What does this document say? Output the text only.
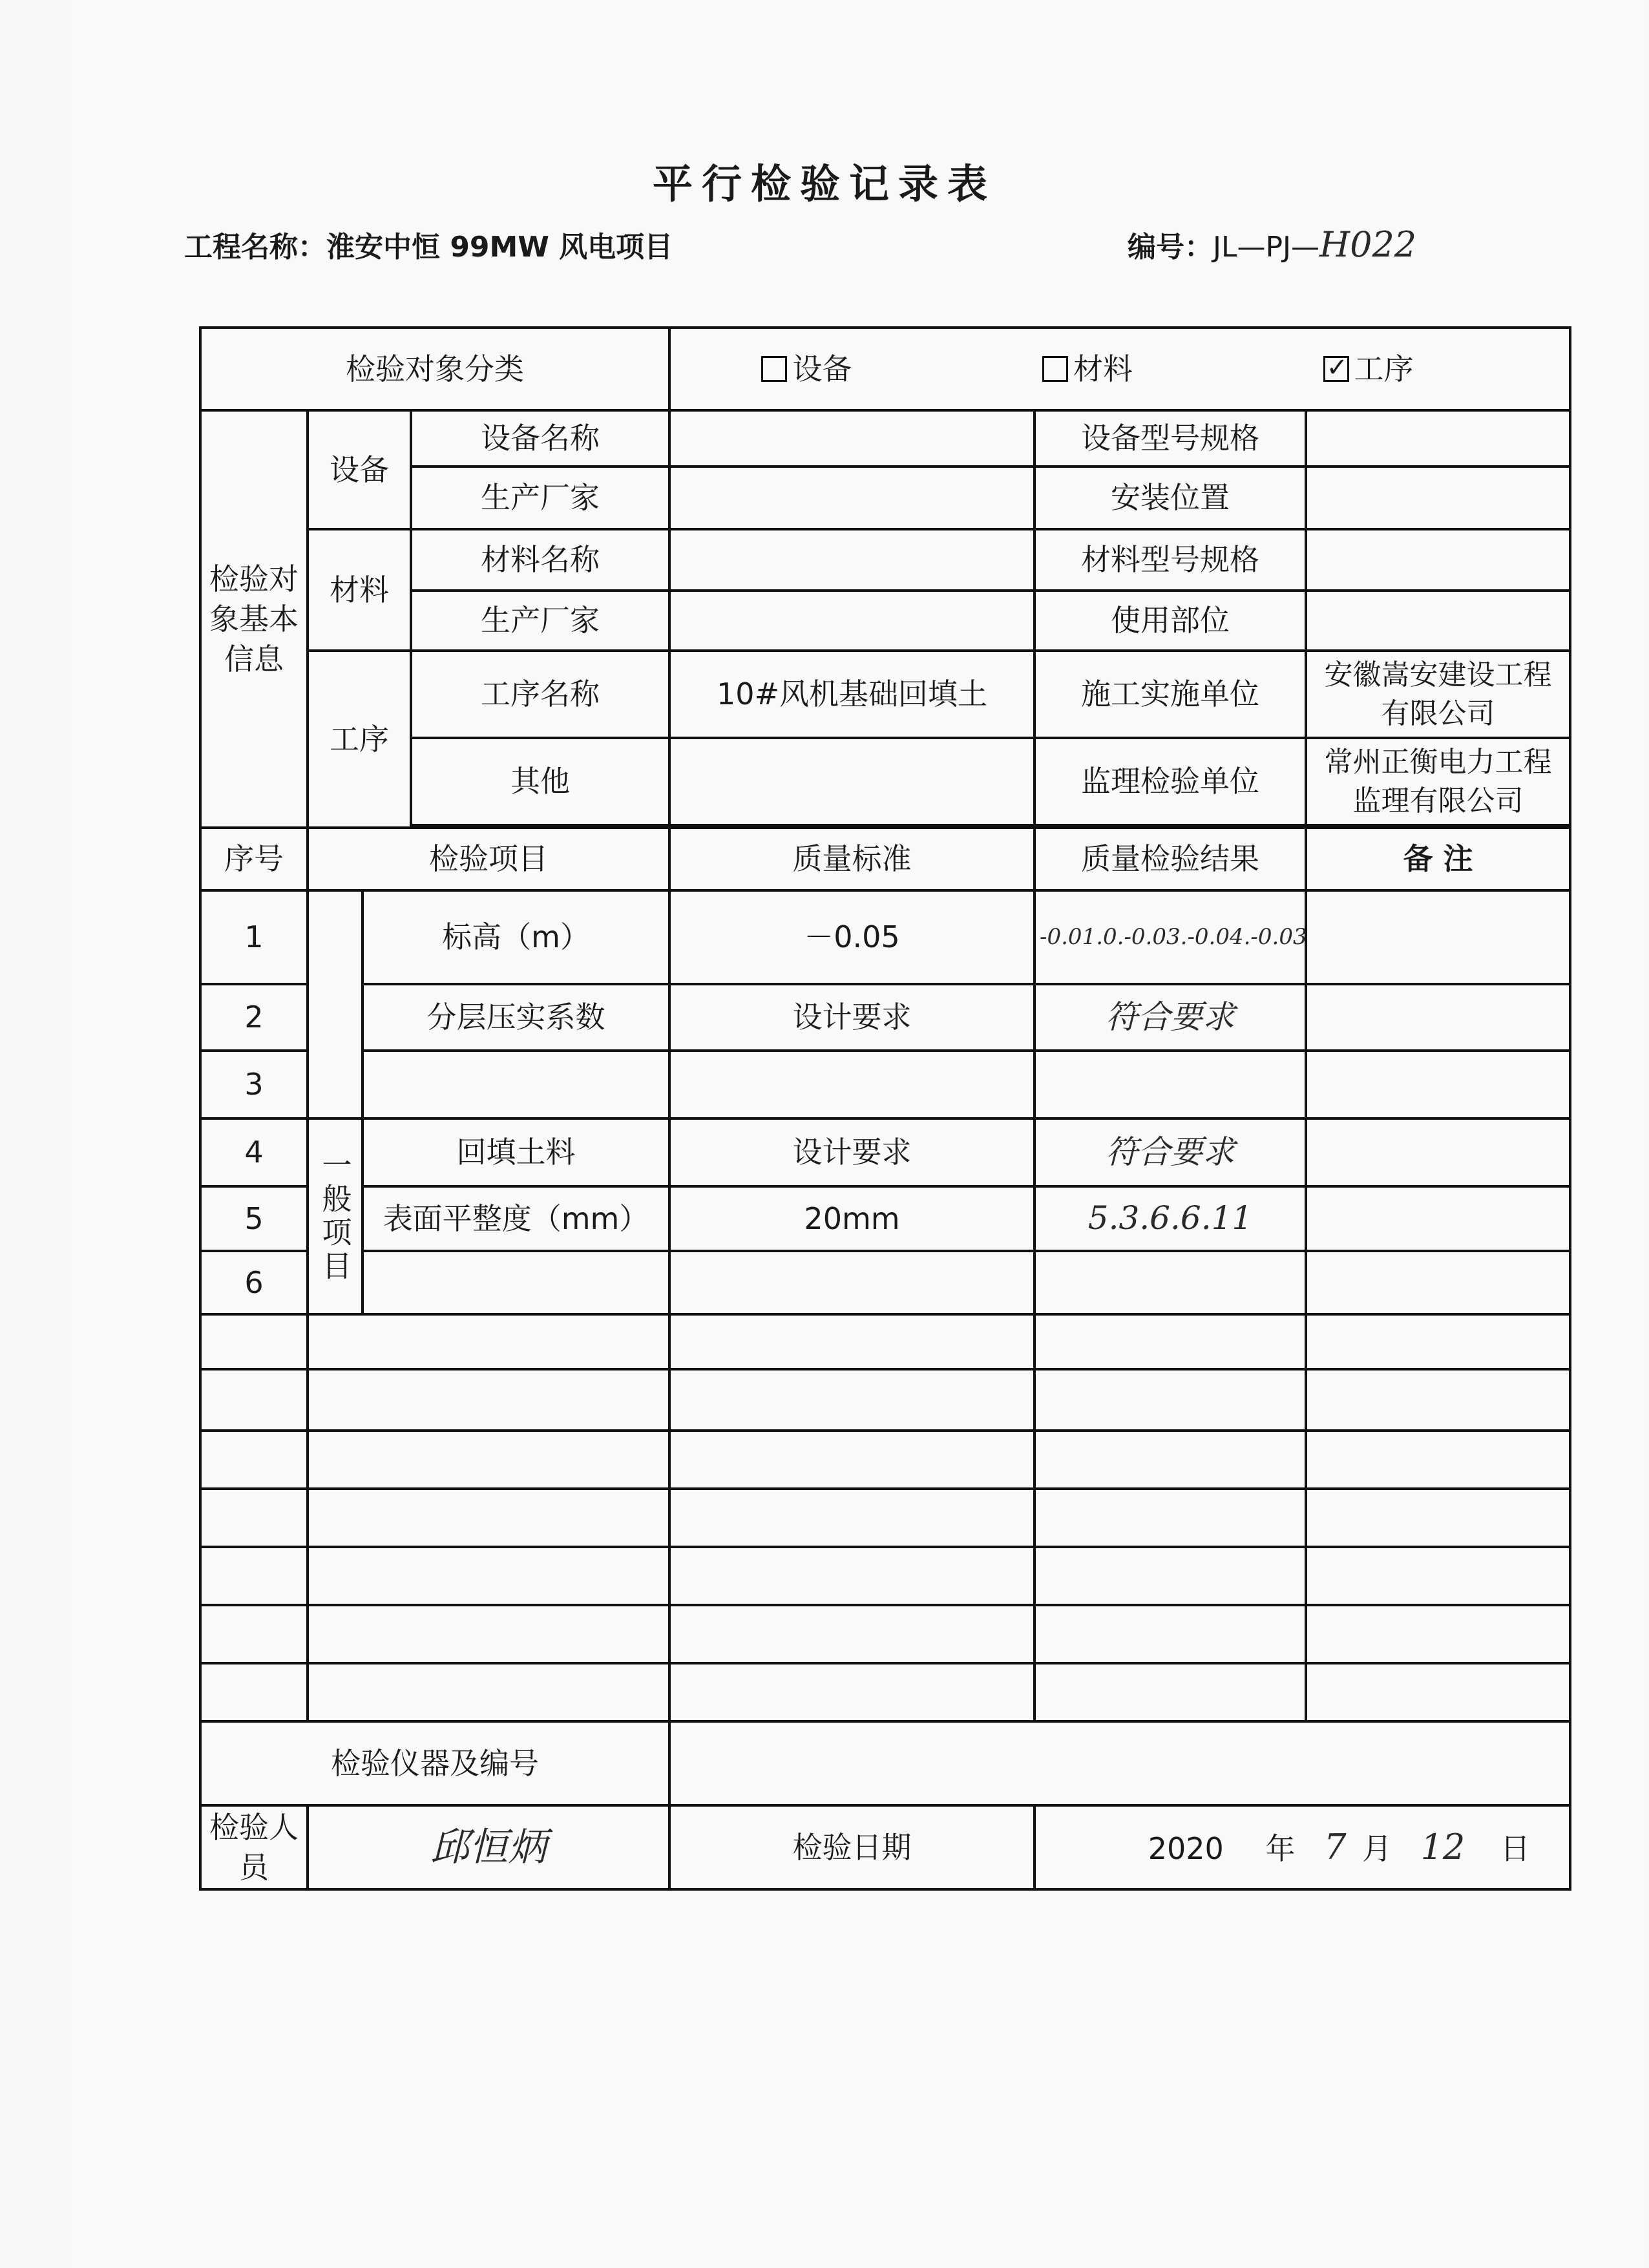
平行检验记录表
工程名称：淮安中恒 99MW 风电项目	编号：JL—PJ—H022
检验对象分类				设备 材料 ✓ 工序
检验对象基本信息	设备		设备名称		设备型号规格	
			生产厂家		安装位置	
	材料		材料名称		材料型号规格	
			生产厂家		使用部位	
	工序		工序名称	10#风机基础回填土	施工实施单位	安徽嵩安建设工程有限公司
			其他		监理检验单位	常州正衡电力工程监理有限公司

序号	检验项目			质量标准	质量检验结果	备 注
1		标高（m）		－0.05	-0.01.0.-0.03.-0.04.-0.03	
2		分层压实系数		设计要求	符合要求	
3						
4	一般项目	回填土料		设计要求	符合要求	
5		表面平整度（mm）		20mm	5.3.6.6.11	
6						

检验仪器及编号						
检验人员	邱恒炳			检验日期	2020 年 7 月 12 日	
